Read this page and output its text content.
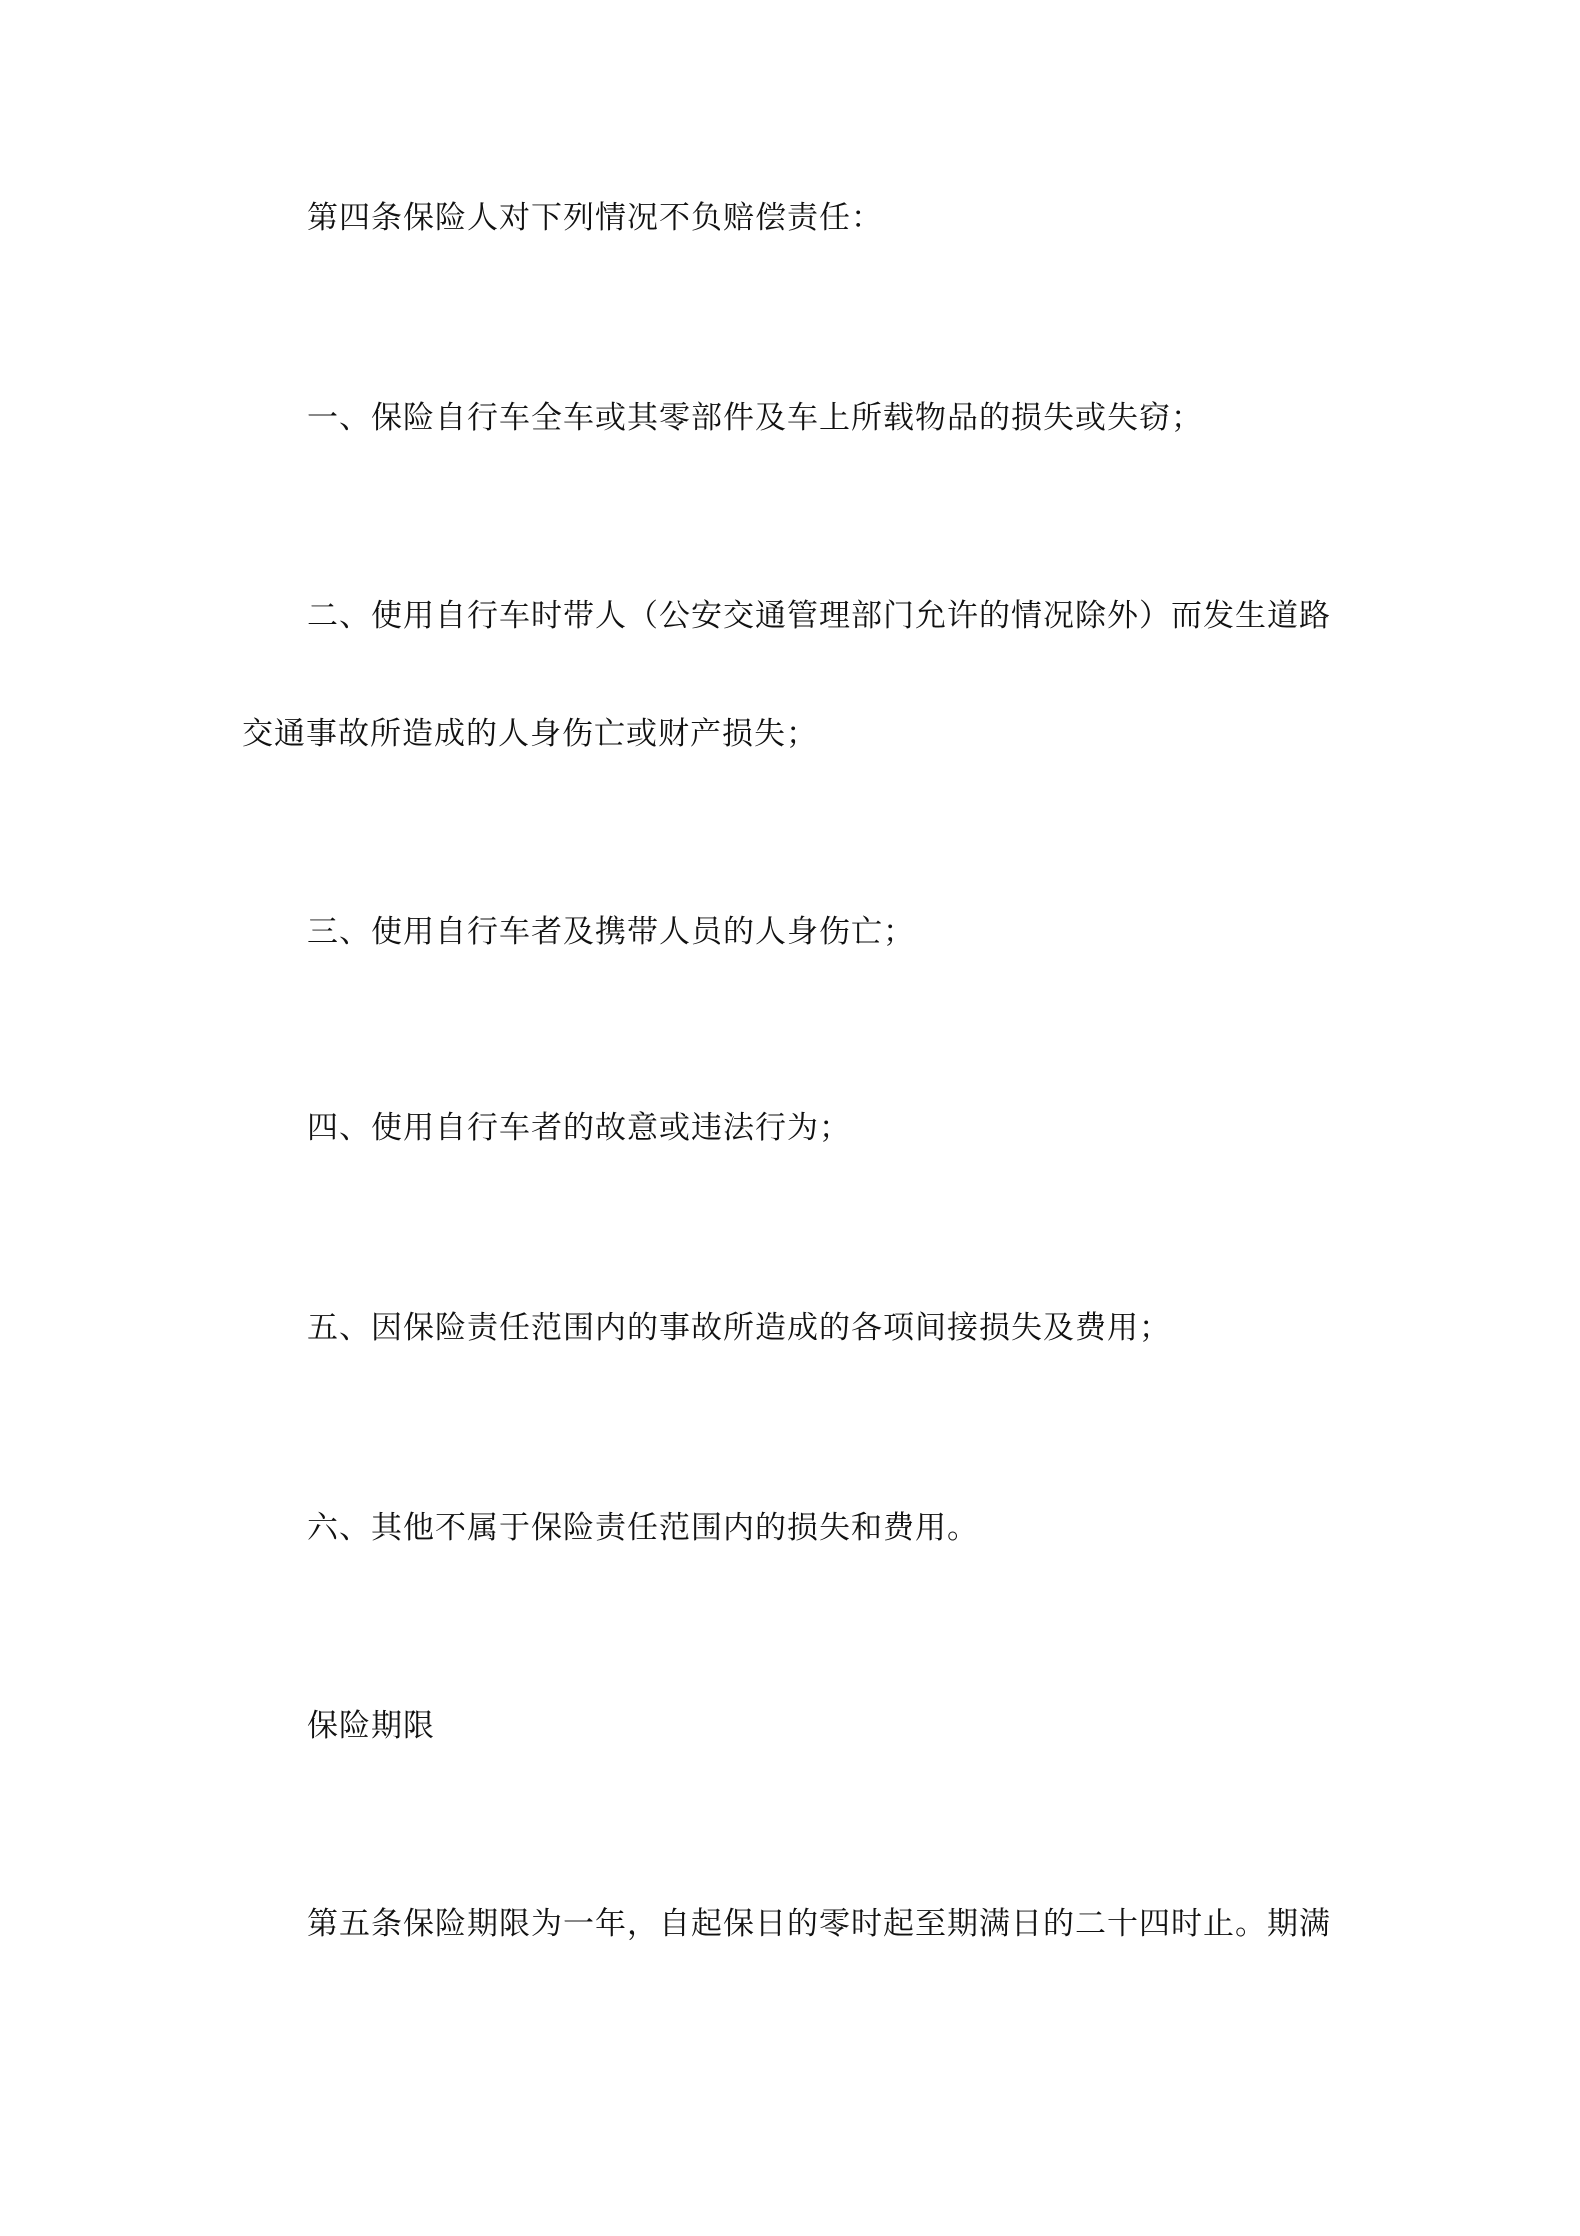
第四条保险人对下列情况不负赔偿责任：

一、保险自行车全车或其零部件及车上所载物品的损失或失窃；

二、使用自行车时带人（公安交通管理部门允许的情况除外）而发生道路

交通事故所造成的人身伤亡或财产损失；

三、使用自行车者及携带人员的人身伤亡；

四、使用自行车者的故意或违法行为；

五、因保险责任范围内的事故所造成的各项间接损失及费用；

六、其他不属于保险责任范围内的损失和费用。

保险期限

第五条保险期限为一年，自起保日的零时起至期满日的二十四时止。期满
